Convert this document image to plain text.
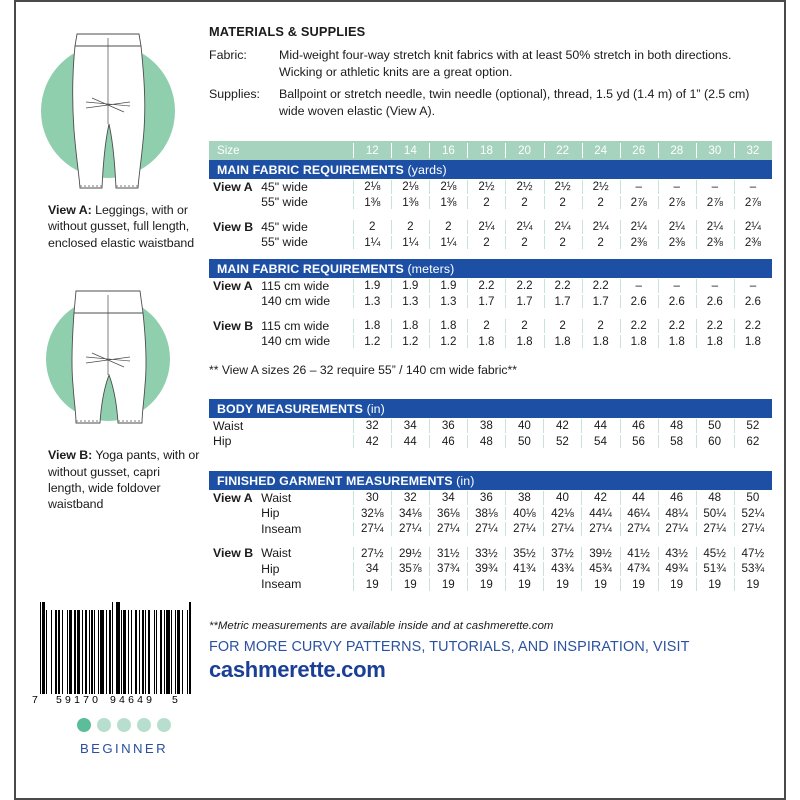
View A: Leggings, with or without gusset, full length, enclosed elastic waistband
View B: Yoga pants, with or without gusset, capri length, wide foldover waistband
7 59170 94649 5
BEGINNER
MATERIALS & SUPPLIES
Fabric:	Mid-weight four-way stretch knit fabrics with at least 50% stretch in both directions. Wicking or athletic knits are a great option.
Supplies:	Ballpoint or stretch needle, twin needle (optional), thread, 1.5 yd (1.4 m) of 1” (2.5 cm) wide woven elastic (View A).
Size		12	14	16	18	20	22	24	26	28	30	32
MAIN FABRIC REQUIREMENTS (yards)												
View A	45" wide	2⅛	2⅛	2⅛	2½	2½	2½	2½	–	–	–	–
	55" wide	1⅜	1⅜	1⅜	2	2	2	2	2⅞	2⅞	2⅞	2⅞

View B	45" wide	2	2	2	2¼	2¼	2¼	2¼	2¼	2¼	2¼	2¼
	55" wide	1¼	1¼	1¼	2	2	2	2	2⅜	2⅜	2⅜	2⅜

MAIN FABRIC REQUIREMENTS (meters)												
View A	115 cm wide	1.9	1.9	1.9	2.2	2.2	2.2	2.2	–	–	–	–
	140 cm wide	1.3	1.3	1.3	1.7	1.7	1.7	1.7	2.6	2.6	2.6	2.6

View B	115 cm wide	1.8	1.8	1.8	2	2	2	2	2.2	2.2	2.2	2.2
	140 cm wide	1.2	1.2	1.2	1.8	1.8	1.8	1.8	1.8	1.8	1.8	1.8
** View A sizes 26 – 32 require 55” / 140 cm wide fabric**
BODY MEASUREMENTS (in)											
Waist	32	34	36	38	40	42	44	46	48	50	52
Hip	42	44	46	48	50	52	54	56	58	60	62
FINISHED GARMENT MEASUREMENTS (in)												
View A	Waist	30	32	34	36	38	40	42	44	46	48	50
	Hip	32⅛	34⅛	36⅛	38⅛	40⅛	42⅛	44¼	46¼	48¼	50¼	52¼
	Inseam	27¼	27¼	27¼	27¼	27¼	27¼	27¼	27¼	27¼	27¼	27¼

View B	Waist	27½	29½	31½	33½	35½	37½	39½	41½	43½	45½	47½
	Hip	34	35⅞	37¾	39¾	41¾	43¾	45¾	47¾	49¾	51¾	53¾
	Inseam	19	19	19	19	19	19	19	19	19	19	19
**Metric measurements are available inside and at cashmerette.com
FOR MORE CURVY PATTERNS, TUTORIALS, AND INSPIRATION, VISIT
cashmerette.com
